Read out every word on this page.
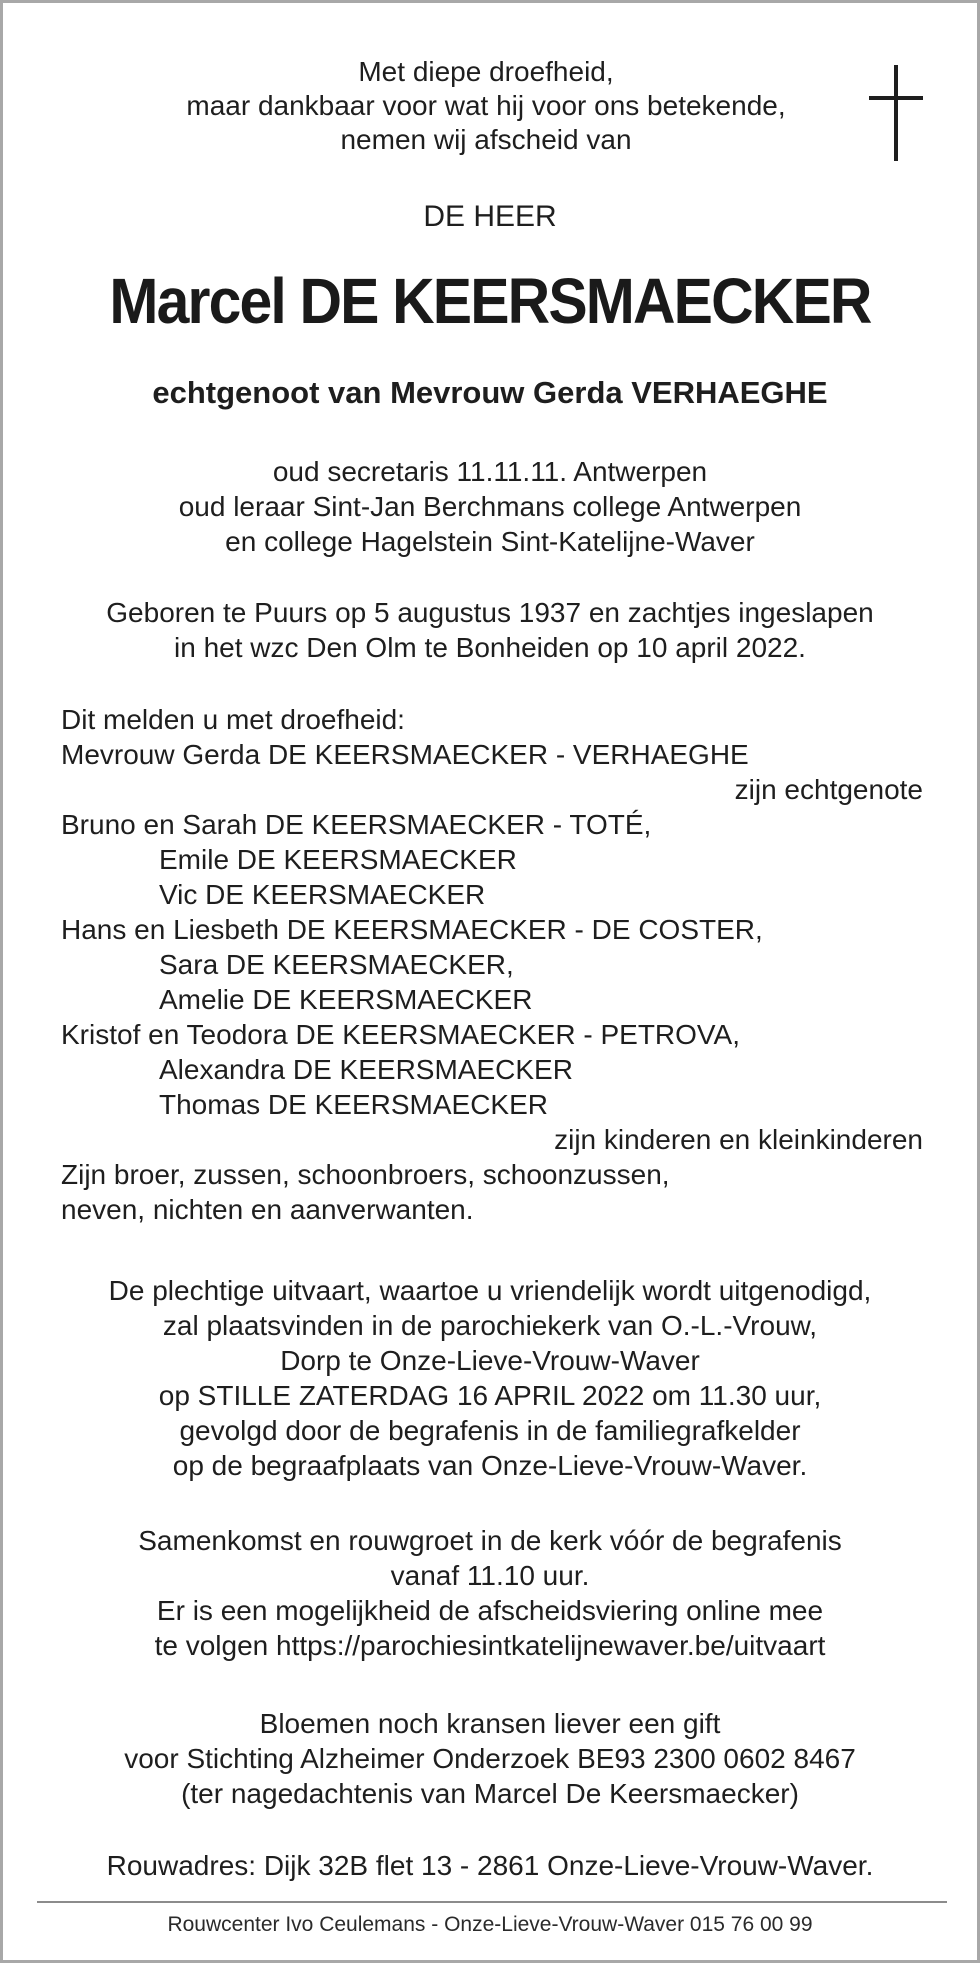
Met diepe droefheid,
maar dankbaar voor wat hij voor ons betekende,
nemen wij afscheid van

DE HEER

Marcel DE KEERSMAECKER

echtgenoot van Mevrouw Gerda VERHAEGHE

oud secretaris 11.11.11. Antwerpen
oud leraar Sint-Jan Berchmans college Antwerpen
en college Hagelstein Sint-Katelijne-Waver

Geboren te Puurs op 5 augustus 1937 en zachtjes ingeslapen
in het wzc Den Olm te Bonheiden op 10 april 2022.

Dit melden u met droefheid:
Mevrouw Gerda DE KEERSMAECKER - VERHAEGHE
zijn echtgenote
Bruno en Sarah DE KEERSMAECKER - TOTÉ,
Emile DE KEERSMAECKER
Vic DE KEERSMAECKER
Hans en Liesbeth DE KEERSMAECKER - DE COSTER,
Sara DE KEERSMAECKER,
Amelie DE KEERSMAECKER
Kristof en Teodora DE KEERSMAECKER - PETROVA,
Alexandra DE KEERSMAECKER
Thomas DE KEERSMAECKER
zijn kinderen en kleinkinderen
Zijn broer, zussen, schoonbroers, schoonzussen,
neven, nichten en aanverwanten.

De plechtige uitvaart, waartoe u vriendelijk wordt uitgenodigd,
zal plaatsvinden in de parochiekerk van O.-L.-Vrouw,
Dorp te Onze-Lieve-Vrouw-Waver
op STILLE ZATERDAG 16 APRIL 2022 om 11.30 uur,
gevolgd door de begrafenis in de familiegrafkelder
op de begraafplaats van Onze-Lieve-Vrouw-Waver.

Samenkomst en rouwgroet in de kerk vóór de begrafenis
vanaf 11.10 uur.
Er is een mogelijkheid de afscheidsviering online mee
te volgen https://parochiesintkatelijnewaver.be/uitvaart

Bloemen noch kransen liever een gift
voor Stichting Alzheimer Onderzoek BE93 2300 0602 8467
(ter nagedachtenis van Marcel De Keersmaecker)

Rouwadres: Dijk 32B flet 13 - 2861 Onze-Lieve-Vrouw-Waver.

Rouwcenter Ivo Ceulemans - Onze-Lieve-Vrouw-Waver 015 76 00 99
